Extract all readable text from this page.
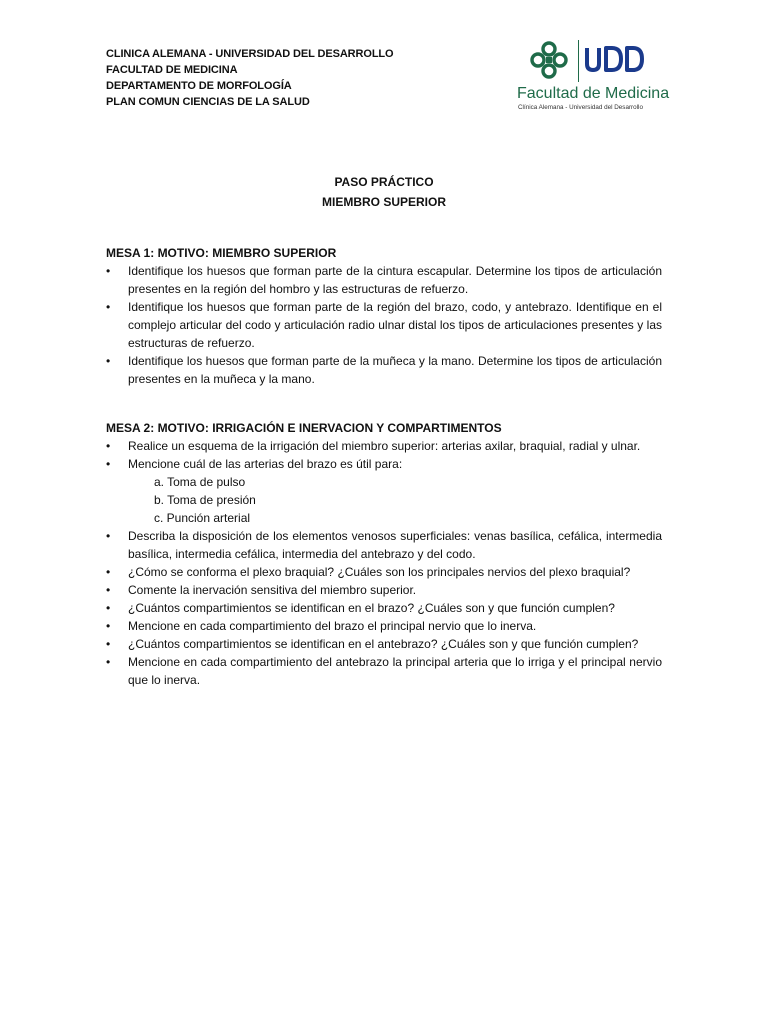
CLINICA ALEMANA - UNIVERSIDAD DEL DESARROLLO
FACULTAD DE MEDICINA
DEPARTAMENTO DE MORFOLOGÍA
PLAN COMUN CIENCIAS DE LA SALUD	Facultad de Medicina
Clínica Alemana - Universidad del Desarrollo
PASO PRÁCTICO
MIEMBRO SUPERIOR
MESA 1: MOTIVO: MIEMBRO SUPERIOR
• Identifique los huesos que forman parte de la cintura escapular. Determine los tipos de articulación presentes en la región del hombro y las estructuras de refuerzo.
• Identifique los huesos que forman parte de la región del brazo, codo, y antebrazo. Identifique en el complejo articular del codo y articulación radio ulnar distal los tipos de articulaciones presentes y las estructuras de refuerzo.
• Identifique los huesos que forman parte de la muñeca y la mano. Determine los tipos de articulación presentes en la muñeca y la mano.
MESA 2: MOTIVO: IRRIGACIÓN E INERVACION Y COMPARTIMENTOS
• Realice un esquema de la irrigación del miembro superior: arterias axilar, braquial, radial y ulnar.
• Mencione cuál de las arterias del brazo es útil para:
a. Toma de pulso
b. Toma de presión
c. Punción arterial
• Describa la disposición de los elementos venosos superficiales: venas basílica, cefálica, intermedia basílica, intermedia cefálica, intermedia del antebrazo y del codo.
• ¿Cómo se conforma el plexo braquial? ¿Cuáles son los principales nervios del plexo braquial?
• Comente la inervación sensitiva del miembro superior.
• ¿Cuántos compartimientos se identifican en el brazo? ¿Cuáles son y que función cumplen?
• Mencione en cada compartimiento del brazo el principal nervio que lo inerva.
• ¿Cuántos compartimientos se identifican en el antebrazo? ¿Cuáles son y que función cumplen?
• Mencione en cada compartimiento del antebrazo la principal arteria que lo irriga y el principal nervio que lo inerva.
